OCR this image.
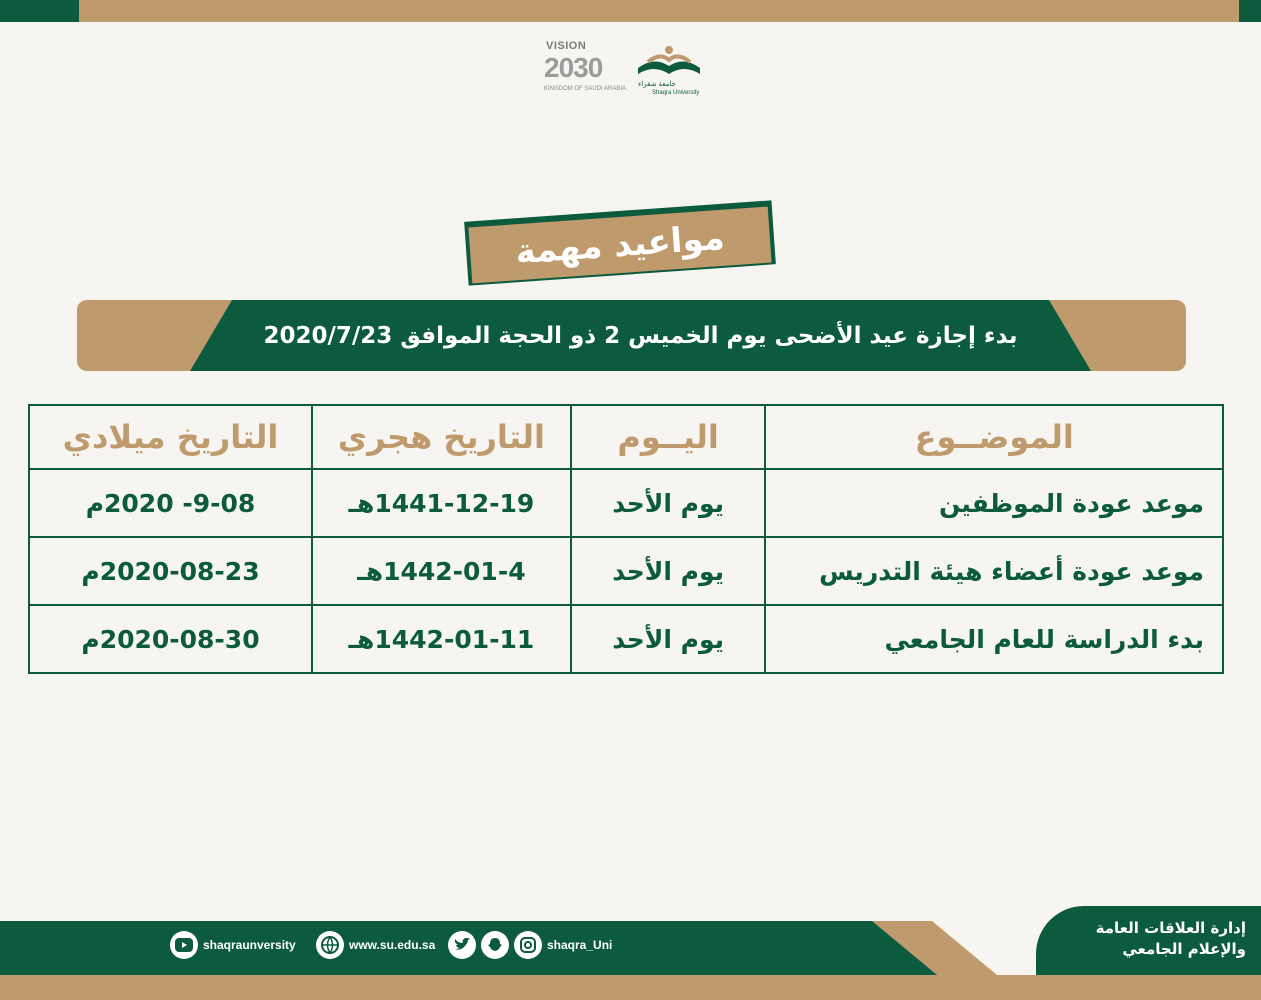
VISION
2030
KINGDOM OF SAUDI ARABIA
جامعة شقراء
Shaqra University
مواعيد مهمة
بدء إجازة عيد الأضحى يوم الخميس 2 ذو الحجة الموافق 2020/7/23
الموضــوع	اليــوم	التاريخ هجري	التاريخ ميلادي
موعد عودة الموظفين	يوم الأحد	1441-12-19هـ	9-08- 2020م
موعد عودة أعضاء هيئة التدريس	يوم الأحد	1442-01-4هـ	2020-08-23م
بدء الدراسة للعام الجامعي	يوم الأحد	1442-01-11هـ	2020-08-30م
إدارة العلاقات العامة
والإعلام الجامعي
shaqraunversity	www.su.edu.sa	shaqra_Uni
